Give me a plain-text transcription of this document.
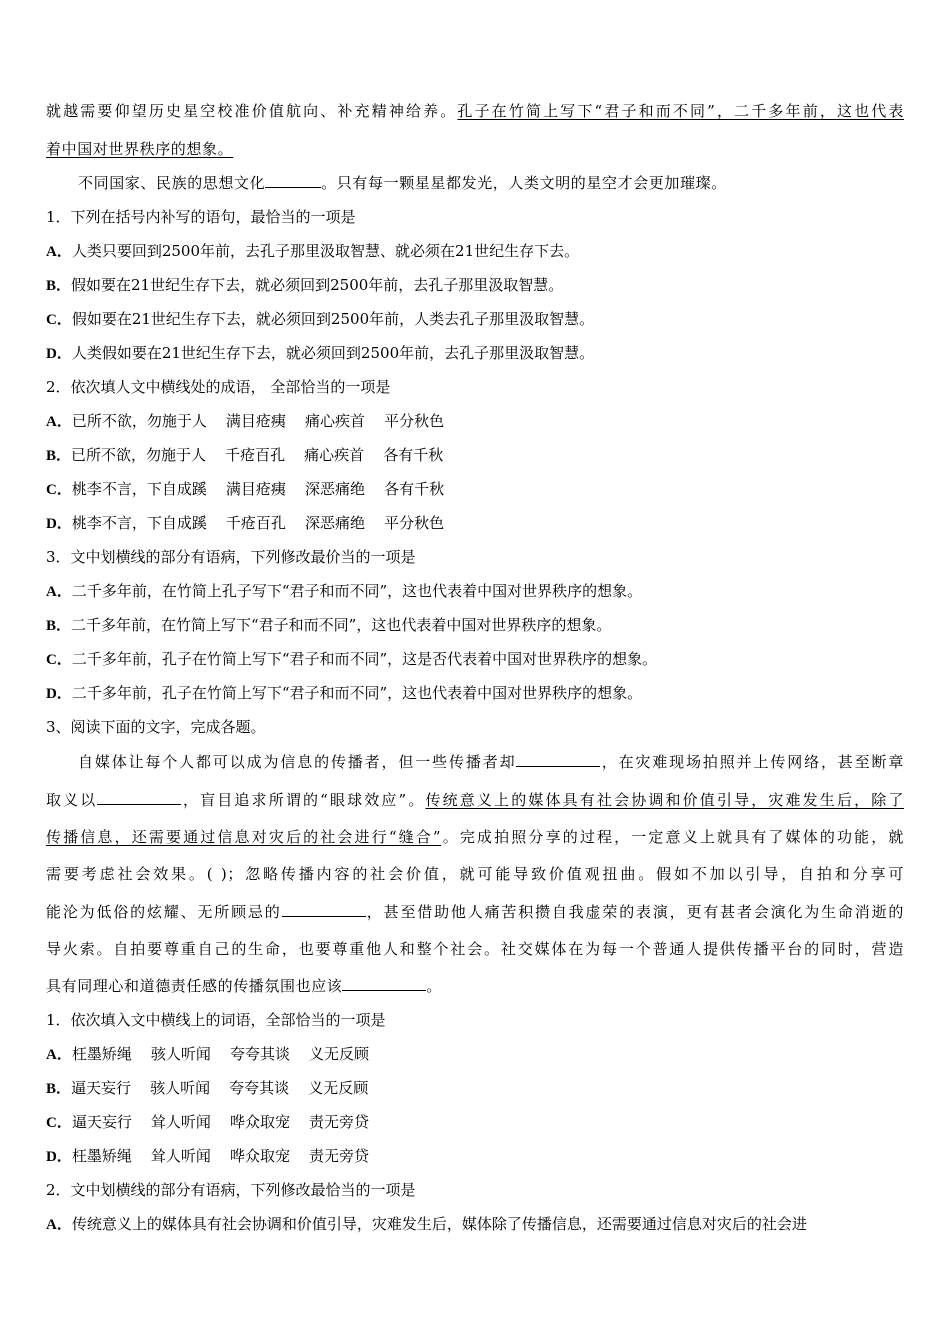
就越需要仰望历史星空校准价值航向、补充精神给养。孔子在竹简上写下“君子和而不同”，二千多年前，这也代表
着中国对世界秩序的想象。
不同国家、民族的思想文化	。只有每一颗星星都发光，人类文明的星空才会更加璀璨。
1．下列在括号内补写的语句，最恰当的一项是
A．人类只要回到2500年前，去孔子那里汲取智慧、就必须在21世纪生存下去。
B．假如要在21世纪生存下去，就必须回到2500年前，去孔子那里汲取智慧。
C．假如要在21世纪生存下去，就必须回到2500年前，人类去孔子那里汲取智慧。
D．人类假如要在21世纪生存下去，就必须回到2500年前，去孔子那里汲取智慧。
2．依次填人文中横线处的成语， 全部恰当的一项是
A．已所不欲，勿施于人    满目疮痍    痛心疾首    平分秋色
B．已所不欲，勿施于人    千疮百孔    痛心疾首    各有千秋
C．桃李不言，下自成蹊    满目疮痍    深恶痛绝    各有千秋
D．桃李不言，下自成蹊    千疮百孔    深恶痛绝    平分秋色
3．文中划横线的部分有语病，下列修改最价当的一项是
A．二千多年前，在竹简上孔子写下“君子和而不同”，这也代表着中国对世界秩序的想象。
B．二千多年前，在竹简上写下“君子和而不同”，这也代表着中国对世界秩序的想象。
C．二千多年前，孔子在竹简上写下“君子和而不同”，这是否代表着中国对世界秩序的想象。
D．二千多年前，孔子在竹简上写下“君子和而不同”，这也代表着中国对世界秩序的想象。
3、阅读下面的文字，完成各题。
自媒体让每个人都可以成为信息的传播者，但一些传播者却	，在灾难现场拍照并上传网络，甚至断章
取义以	，盲目追求所谓的“眼球效应”。传统意义上的媒体具有社会协调和价值引导，灾难发生后，除了
传播信息，还需要通过信息对灾后的社会进行“缝合”。完成拍照分享的过程，一定意义上就具有了媒体的功能，就
需要考虑社会效果。( )；忽略传播内容的社会价值，就可能导致价值观扭曲。假如不加以引导，自拍和分享可
能沦为低俗的炫耀、无所顾忌的	，甚至借助他人痛苦积攒自我虚荣的表演，更有甚者会演化为生命消逝的
导火索。自拍要尊重自己的生命，也要尊重他人和整个社会。社交媒体在为每一个普通人提供传播平台的同时，营造
具有同理心和道德责任感的传播氛围也应该	。
1．依次填入文中横线上的词语，全部恰当的一项是
A．枉墨矫绳    骇人听闻    夸夸其谈    义无反顾
B．逼天妄行    骇人听闻    夸夸其谈    义无反顾
C．逼天妄行    耸人听闻    哗众取宠    责无旁贷
D．枉墨矫绳    耸人听闻    哗众取宠    责无旁贷
2．文中划横线的部分有语病，下列修改最恰当的一项是
A．传统意义上的媒体具有社会协调和价值引导，灾难发生后，媒体除了传播信息，还需要通过信息对灾后的社会进
